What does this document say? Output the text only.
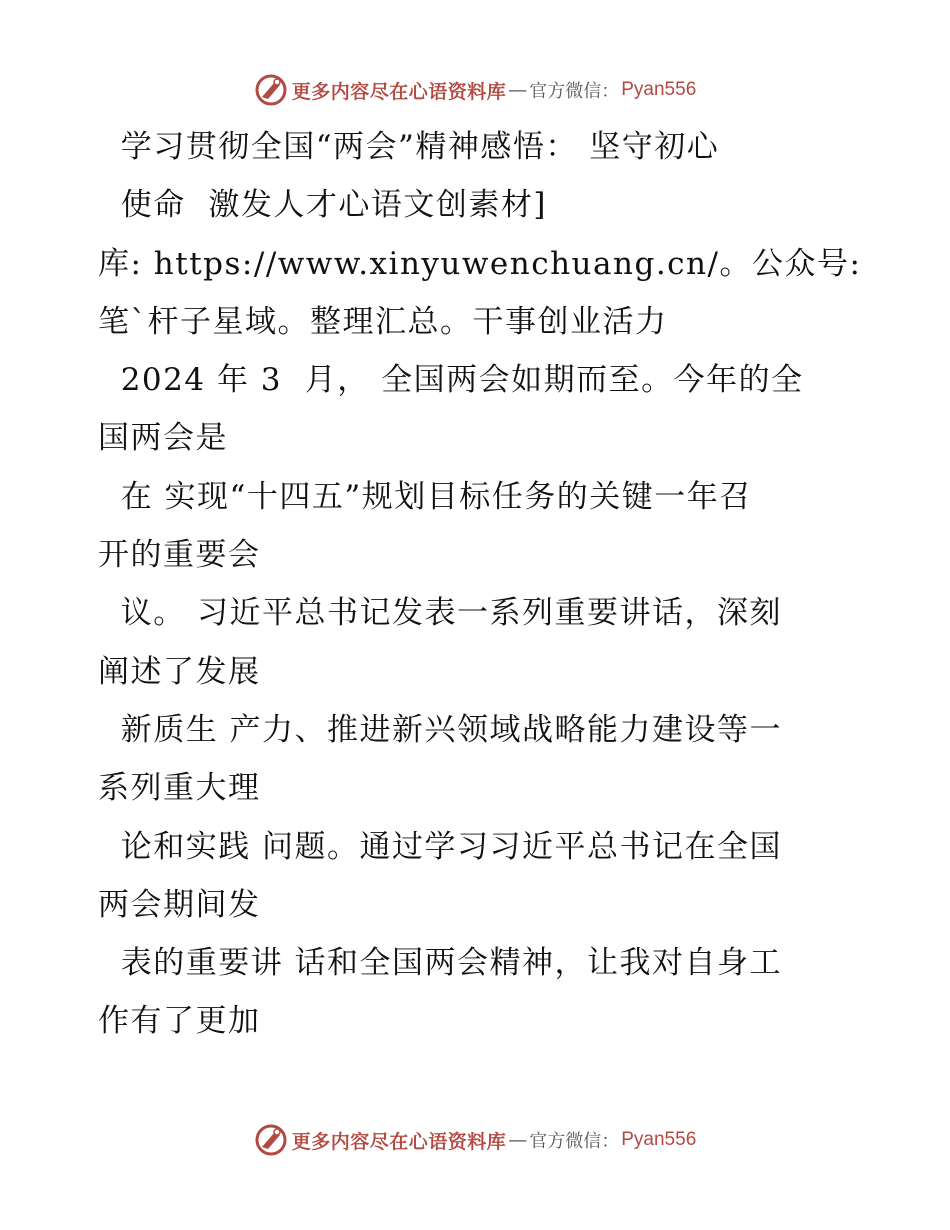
更多内容尽在心语资料库 — 官方微信： Pyan556
学习贯彻全国“两会”精神感悟： 坚守初心
使命  激发人才心语文创素材]
库: https://www.xinyuwenchuang.cn/。公众号:
笔`杆子星域。整理汇总。干事创业活力
2024 年 3  月， 全国两会如期而至。今年的全
国两会是
在 实现“十四五”规划目标任务的关键一年召
开的重要会
议。 习近平总书记发表一系列重要讲话，深刻
阐述了发展
新质生 产力、推进新兴领域战略能力建设等一
系列重大理
论和实践 问题。通过学习习近平总书记在全国
两会期间发
表的重要讲 话和全国两会精神，让我对自身工
作有了更加
更多内容尽在心语资料库 — 官方微信： Pyan556
